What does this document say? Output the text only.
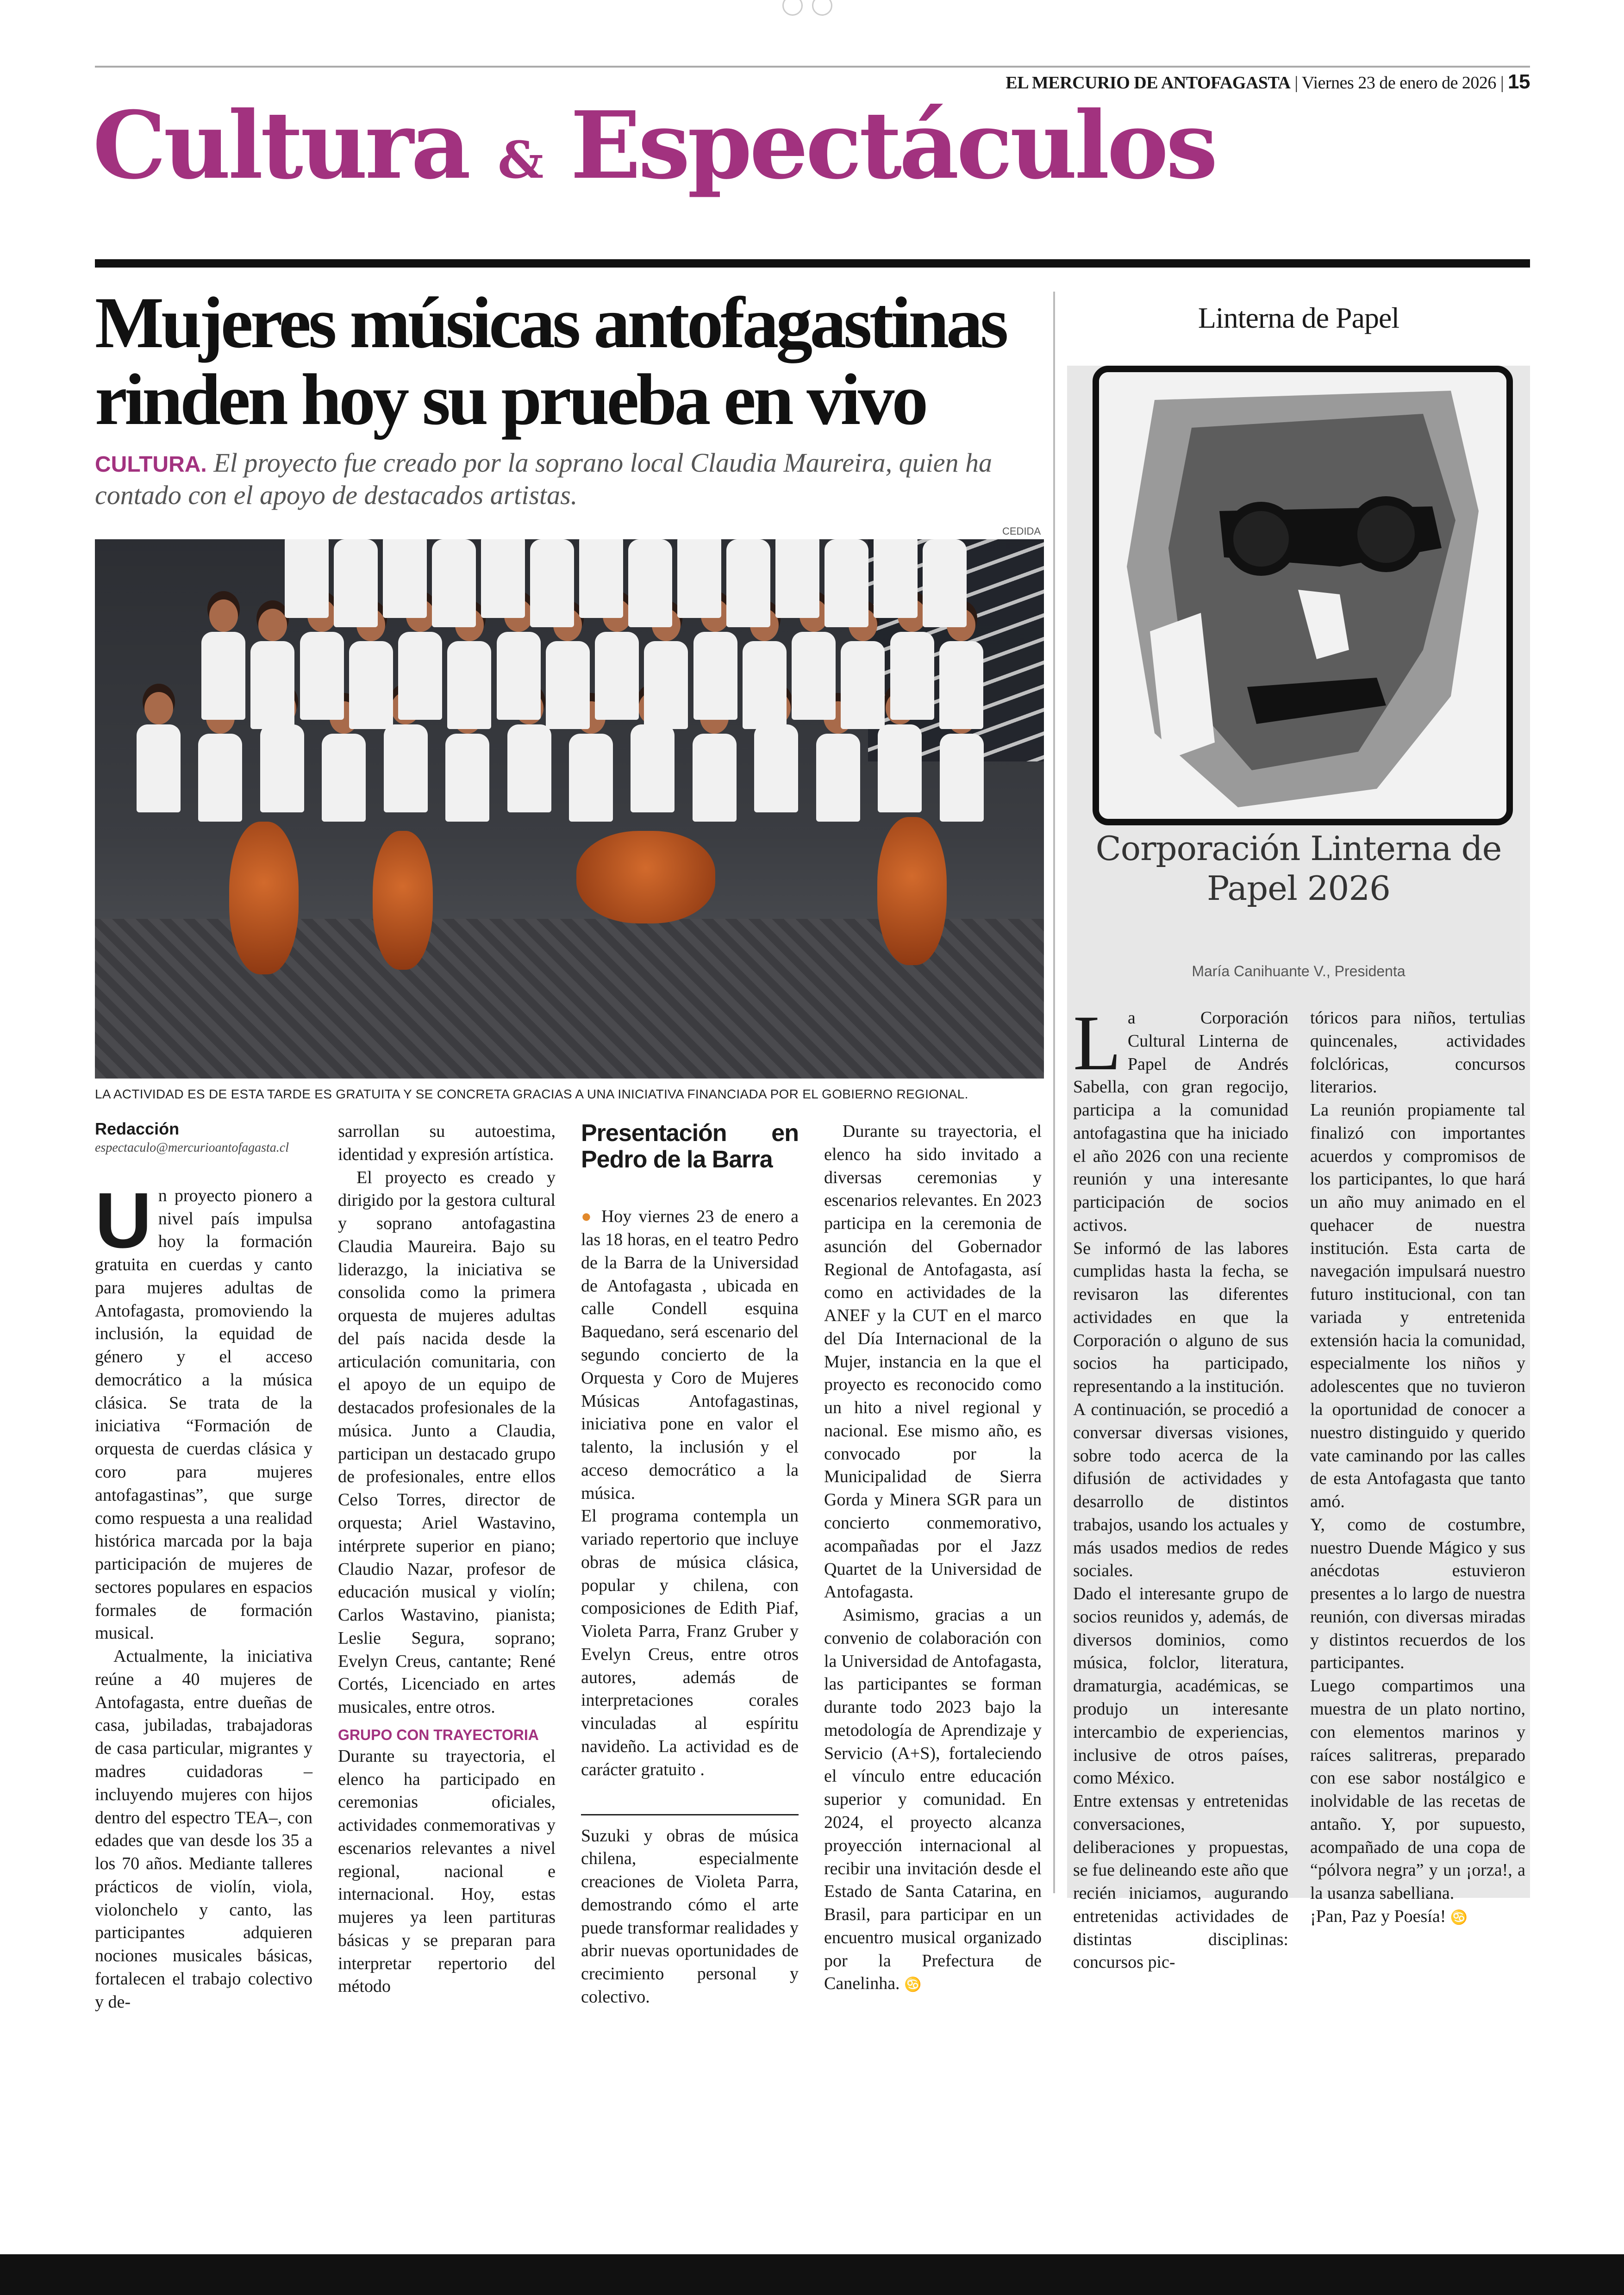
EL MERCURIO DE ANTOFAGASTA | Viernes 23 de enero de 2026 | 15
Cultura & Espectáculos
Mujeres músicas antofagastinas
rinden hoy su prueba en vivo
CULTURA. El proyecto fue creado por la soprano local Claudia Maureira, quien ha contado con el apoyo de destacados artistas.
CEDIDA
LA ACTIVIDAD ES DE ESTA TARDE ES GRATUITA Y SE CONCRETA GRACIAS A UNA INICIATIVA FINANCIADA POR EL GOBIERNO REGIONAL.
Redacción
espectaculo@mercurioantofagasta.cl

Un proyecto pionero a nivel país impulsa hoy la formación gratuita en cuerdas y canto para mujeres adultas de Antofagasta, promoviendo la inclusión, la equidad de género y el acceso democrático a la música clásica. Se trata de la iniciativa “Formación de orquesta de cuerdas clásica y coro para mujeres antofagastinas”, que surge como respuesta a una realidad histórica marcada por la baja participación de mujeres de sectores populares en espacios formales de formación musical.

Actualmente, la iniciativa reúne a 40 mujeres de Antofagasta, entre dueñas de casa, jubiladas, trabajadoras de casa particular, migrantes y madres cuidadoras –incluyendo mujeres con hijos dentro del espectro TEA–, con edades que van desde los 35 a los 70 años. Mediante talleres prácticos de violín, viola, violonchelo y canto, las participantes adquieren nociones musicales básicas, fortalecen el trabajo colectivo y de-

sarrollan su autoestima, identidad y expresión artística.

El proyecto es creado y dirigido por la gestora cultural y soprano antofagastina Claudia Maureira. Bajo su liderazgo, la iniciativa se consolida como la primera orquesta de mujeres adultas del país nacida desde la articulación comunitaria, con el apoyo de un equipo de destacados profesionales de la música. Junto a Claudia, participan un destacado grupo de profesionales, entre ellos Celso Torres, director de orquesta; Ariel Wastavino, intérprete superior en piano; Claudio Nazar, profesor de educación musical y violín; Carlos Wastavino, pianista; Leslie Segura, soprano; Evelyn Creus, cantante; René Cortés, Licenciado en artes musicales, entre otros.

GRUPO CON TRAYECTORIA

Durante su trayectoria, el elenco ha participado en ceremonias oficiales, actividades conmemorativas y escenarios relevantes a nivel regional, nacional e internacional. Hoy, estas mujeres ya leen partituras básicas y se preparan para interpretar repertorio del método

Presentación en Pedro de la Barra

● Hoy viernes 23 de enero a las 18 horas, en el teatro Pedro de la Barra de la Universidad de Antofagasta , ubicada en calle Condell esquina Baquedano, será escenario del segundo concierto de la Orquesta y Coro de Mujeres Músicas Antofagastinas, iniciativa pone en valor el talento, la inclusión y el acceso democrático a la música.

El programa contempla un variado repertorio que incluye obras de música clásica, popular y chilena, con composiciones de Edith Piaf, Violeta Parra, Franz Gruber y Evelyn Creus, entre otros autores, además de interpretaciones corales vinculadas al espíritu navideño. La actividad es de carácter gratuito .

Suzuki y obras de música chilena, especialmente creaciones de Violeta Parra, demostrando cómo el arte puede transformar realidades y abrir nuevas oportunidades de crecimiento personal y colectivo.

Durante su trayectoria, el elenco ha sido invitado a diversas ceremonias y escenarios relevantes. En 2023 participa en la ceremonia de asunción del Gobernador Regional de Antofagasta, así como en actividades de la ANEF y la CUT en el marco del Día Internacional de la Mujer, instancia en la que el proyecto es reconocido como un hito a nivel regional y nacional. Ese mismo año, es convocado por la Municipalidad de Sierra Gorda y Minera SGR para un concierto conmemorativo, acompañadas por el Jazz Quartet de la Universidad de Antofagasta.

Asimismo, gracias a un convenio de colaboración con la Universidad de Antofagasta, las participantes se forman durante todo 2023 bajo la metodología de Aprendizaje y Servicio (A+S), fortaleciendo el vínculo entre educación superior y comunidad. En 2024, el proyecto alcanza proyección internacional al recibir una invitación desde el Estado de Santa Catarina, en Brasil, para participar en un encuentro musical organizado por la Prefectura de Canelinha. ♋

Linterna de Papel
Corporación Linterna de Papel 2026
María Canihuante V., Presidenta

La Corporación Cultural Linterna de Papel de Andrés Sabella, con gran regocijo, participa a la comunidad antofagastina que ha iniciado el año 2026 con una reciente reunión y una interesante participación de socios activos.

Se informó de las labores cumplidas hasta la fecha, se revisaron las diferentes actividades en que la Corporación o alguno de sus socios ha participado, representando a la institución.

A continuación, se procedió a conversar diversas visiones, sobre todo acerca de la difusión de actividades y desarrollo de distintos trabajos, usando los actuales y más usados medios de redes sociales.

Dado el interesante grupo de socios reunidos y, además, de diversos dominios, como música, folclor, literatura, dramaturgia, académicas, se produjo un interesante intercambio de experiencias, inclusive de otros países, como México.

Entre extensas y entretenidas conversaciones, deliberaciones y propuestas, se fue delineando este año que recién iniciamos, augurando entretenidas actividades de distintas disciplinas: concursos pic-

tóricos para niños, tertulias quincenales, actividades folclóricas, concursos literarios.

La reunión propiamente tal finalizó con importantes acuerdos y compromisos de los participantes, lo que hará un año muy animado en el quehacer de nuestra institución. Esta carta de navegación impulsará nuestro futuro institucional, con tan variada y entretenida extensión hacia la comunidad, especialmente los niños y adolescentes que no tuvieron la oportunidad de conocer a nuestro distinguido y querido vate caminando por las calles de esta Antofagasta que tanto amó.

Y, como de costumbre, nuestro Duende Mágico y sus anécdotas estuvieron presentes a lo largo de nuestra reunión, con diversas miradas y distintos recuerdos de los participantes.

Luego compartimos una muestra de un plato nortino, con elementos marinos y raíces salitreras, preparado con ese sabor nostálgico e inolvidable de las recetas de antaño. Y, por supuesto, acompañado de una copa de “pólvora negra” y un ¡orza!, a la usanza sabelliana.

¡Pan, Paz y Poesía! ♋
